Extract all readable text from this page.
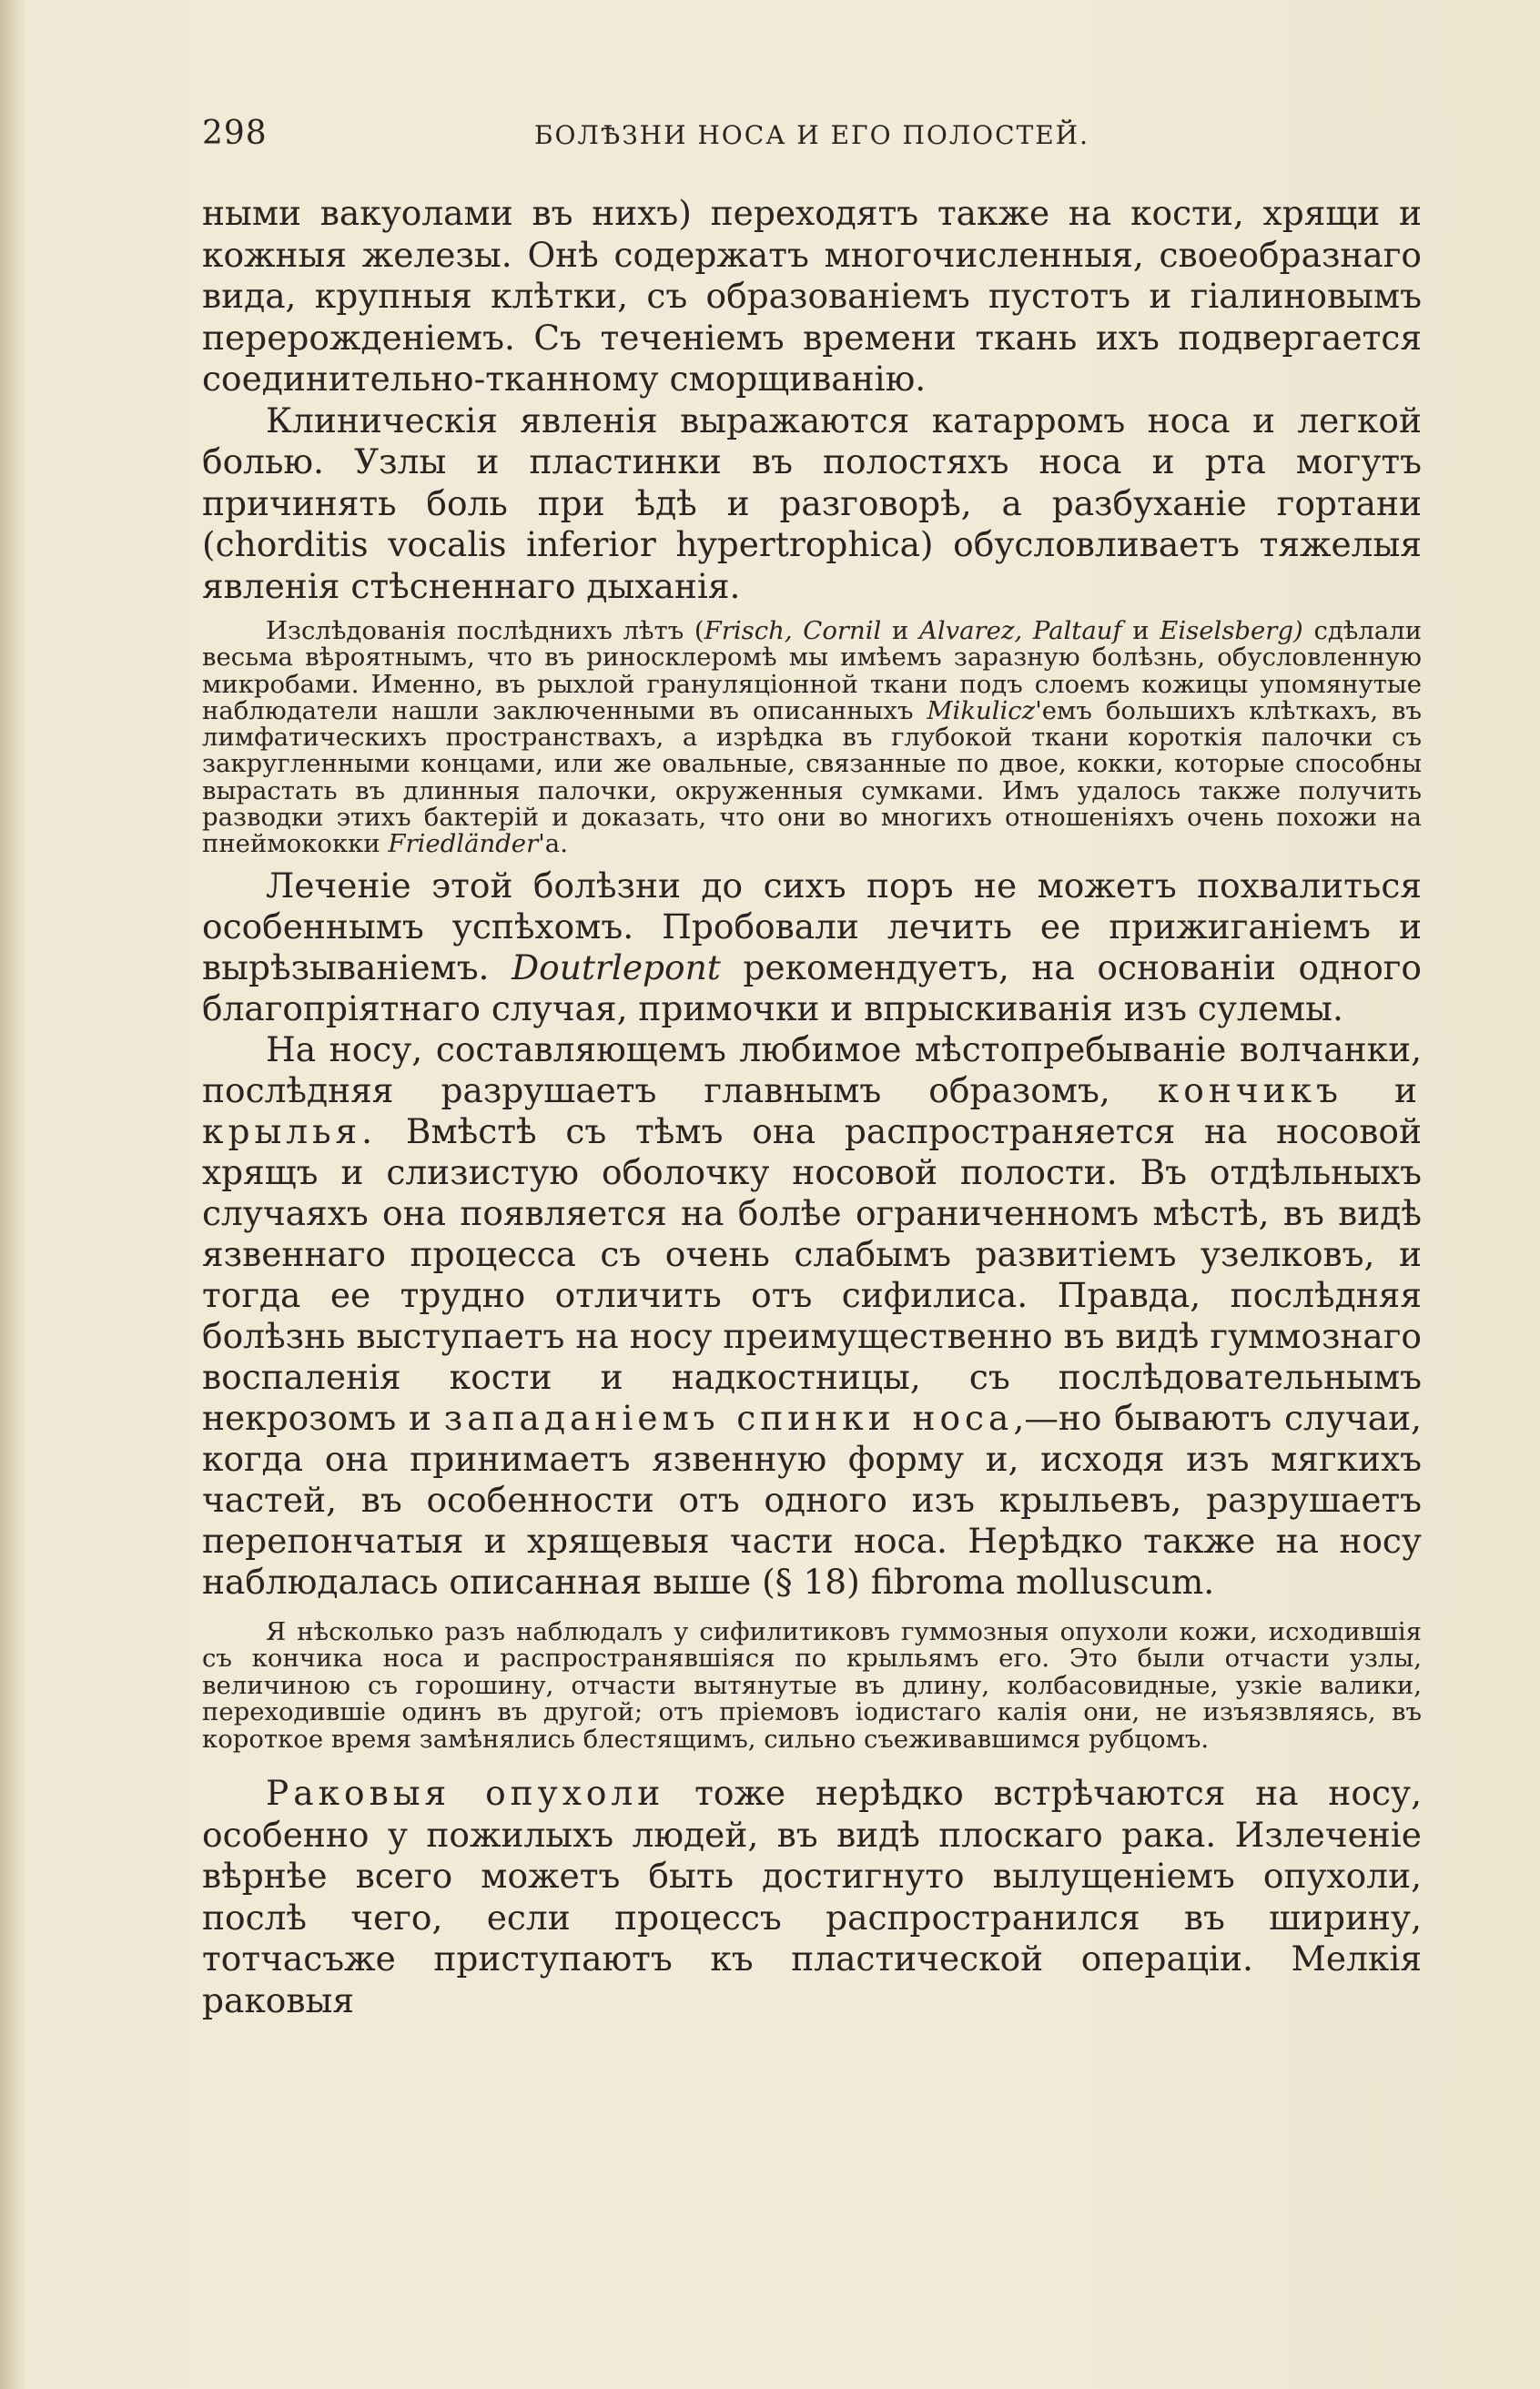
298	БОЛѢЗНИ НОСА И ЕГО ПОЛОСТЕЙ.

ными вакуолами въ нихъ) переходятъ также на кости, хрящи и кожныя железы. Онѣ содержатъ многочисленныя, своеобразнаго вида, крупныя клѣтки, съ образованіемъ пустотъ и гіалиновымъ перерожденіемъ. Съ теченіемъ времени ткань ихъ подвергается соединительно-тканному сморщиванію.

Клиническія явленія выражаются катарромъ носа и легкой болью. Узлы и пластинки въ полостяхъ носа и рта могутъ причинять боль при ѣдѣ и разговорѣ, а разбуханіе гортани (chorditis vocalis inferior hypertrophica) обусловливаетъ тяжелыя явленія стѣсненнаго дыханія.

Изслѣдованія послѣднихъ лѣтъ (Frisch, Cornil и Alvarez, Paltauf и Eiselsberg) сдѣлали весьма вѣроятнымъ, что въ риносклеромѣ мы имѣемъ заразную болѣзнь, обусловленную микробами. Именно, въ рыхлой грануляціонной ткани подъ слоемъ кожицы упомянутые наблюдатели нашли заключенными въ описанныхъ Mikulicz'емъ большихъ клѣткахъ, въ лимфатическихъ пространствахъ, а изрѣдка въ глубокой ткани короткія палочки съ закругленными концами, или же овальные, связанные по двое, кокки, которые способны вырастать въ длинныя палочки, окруженныя сумками. Имъ удалось также получить разводки этихъ бактерій и доказать, что они во многихъ отношеніяхъ очень похожи на пнеймококки Friedländer'а.

Леченіе этой болѣзни до сихъ поръ не можетъ похвалиться особеннымъ успѣхомъ. Пробовали лечить ее прижиганіемъ и вырѣзываніемъ. Doutrlepont рекомендуетъ, на основаніи одного благопріятнаго случая, примочки и впрыскиванія изъ сулемы.

На носу, составляющемъ любимое мѣстопребываніе волчанки, послѣдняя разрушаетъ главнымъ образомъ, кончикъ и крылья. Вмѣстѣ съ тѣмъ она распространяется на носовой хрящъ и слизистую оболочку носовой полости. Въ отдѣльныхъ случаяхъ она появляется на болѣе ограниченномъ мѣстѣ, въ видѣ язвеннаго процесса съ очень слабымъ развитіемъ узелковъ, и тогда ее трудно отличить отъ сифилиса. Правда, послѣдняя болѣзнь выступаетъ на носу преимущественно въ видѣ гуммознаго воспаленія кости и надкостницы, съ послѣдовательнымъ некрозомъ и западаніемъ спинки носа,—но бываютъ случаи, когда она принимаетъ язвенную форму и, исходя изъ мягкихъ частей, въ особенности отъ одного изъ крыльевъ, разрушаетъ перепончатыя и хрящевыя части носа. Нерѣдко также на носу наблюдалась описанная выше (§ 18) fibroma molluscum.

Я нѣсколько разъ наблюдалъ у сифилитиковъ гуммозныя опухоли кожи, исходившія съ кончика носа и распространявшіяся по крыльямъ его. Это были отчасти узлы, величиною съ горошину, отчасти вытянутые въ длину, колбасовидные, узкіе валики, переходившіе одинъ въ другой; отъ пріемовъ іодистаго калія они, не изъязвляясь, въ короткое время замѣнялись блестящимъ, сильно съеживавшимся рубцомъ.

Раковыя опухоли тоже нерѣдко встрѣчаются на носу, особенно у пожилыхъ людей, въ видѣ плоскаго рака. Излеченіе вѣрнѣе всего можетъ быть достигнуто вылущеніемъ опухоли, послѣ чего, если процессъ распространился въ ширину, тотчасъже приступаютъ къ пластической операціи. Мелкія раковыя
